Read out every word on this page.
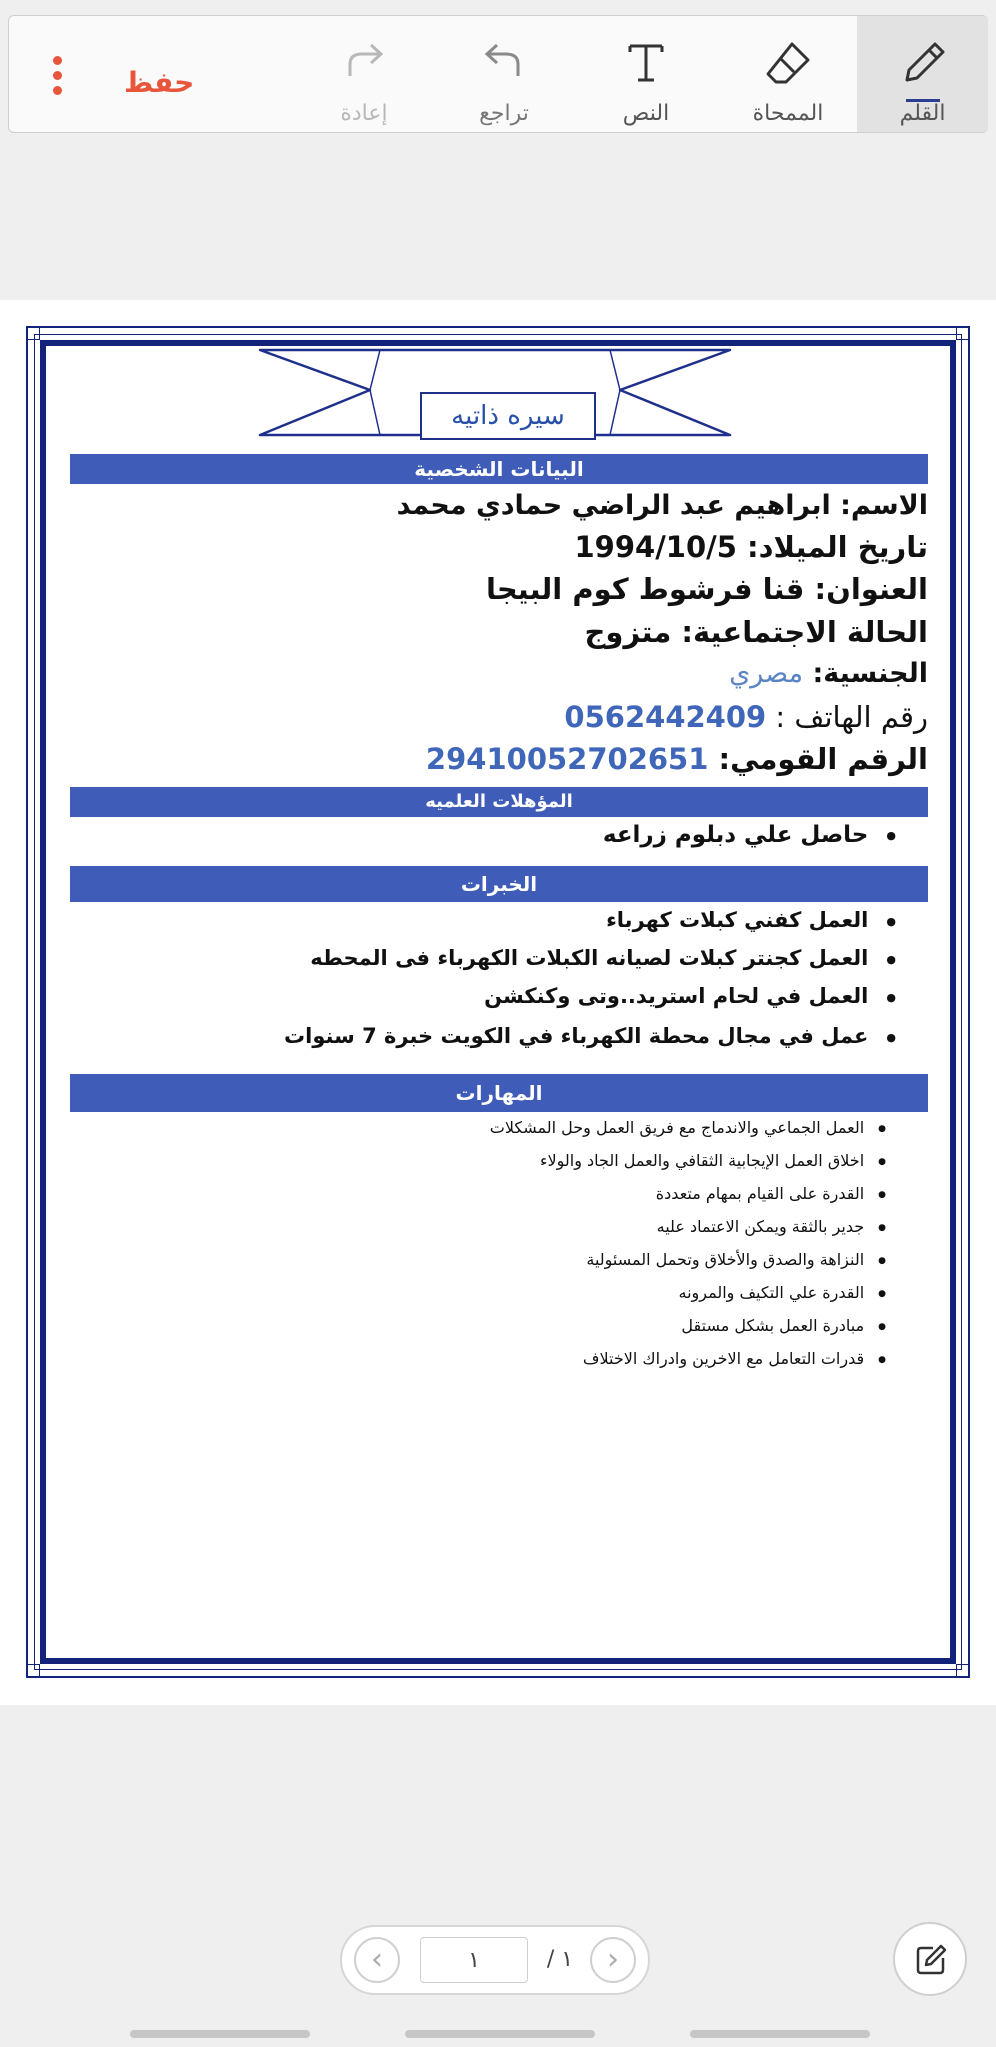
حفظ
إعادة	تراجع	النص	الممحاة	القلم
سيره ذاتيه
البيانات الشخصية
الاسم: ابراهيم عبد الراضي حمادي محمد
تاريخ الميلاد: 1994/10/5
العنوان: قنا فرشوط كوم البيجا
الحالة الاجتماعية: متزوج
الجنسية: مصري
رقم الهاتف : 0562442409
الرقم القومي: 29410052702651
المؤهلات العلميه
● حاصل علي دبلوم زراعه
الخبرات
● العمل كفني كبلات كهرباء
● العمل كجنتر كبلات لصيانه الكبلات الكهرباء فى المحطه
● العمل في لحام استريد..وتى وكنكشن
● عمل في مجال محطة الكهرباء في الكويت خبرة 7 سنوات
المهارات
● العمل الجماعي والاندماج مع فريق العمل وحل المشكلات
● اخلاق العمل الإيجابية الثقافي والعمل الجاد والولاء
● القدرة على القيام بمهام متعددة
● جدير بالثقة ويمكن الاعتماد عليه
● النزاهة والصدق والأخلاق وتحمل المسئولية
● القدرة علي التكيف والمرونه
● مبادرة العمل بشكل مستقل
● قدرات التعامل مع الاخرين وادراك الاختلاف
‹	١	/ ١	›
